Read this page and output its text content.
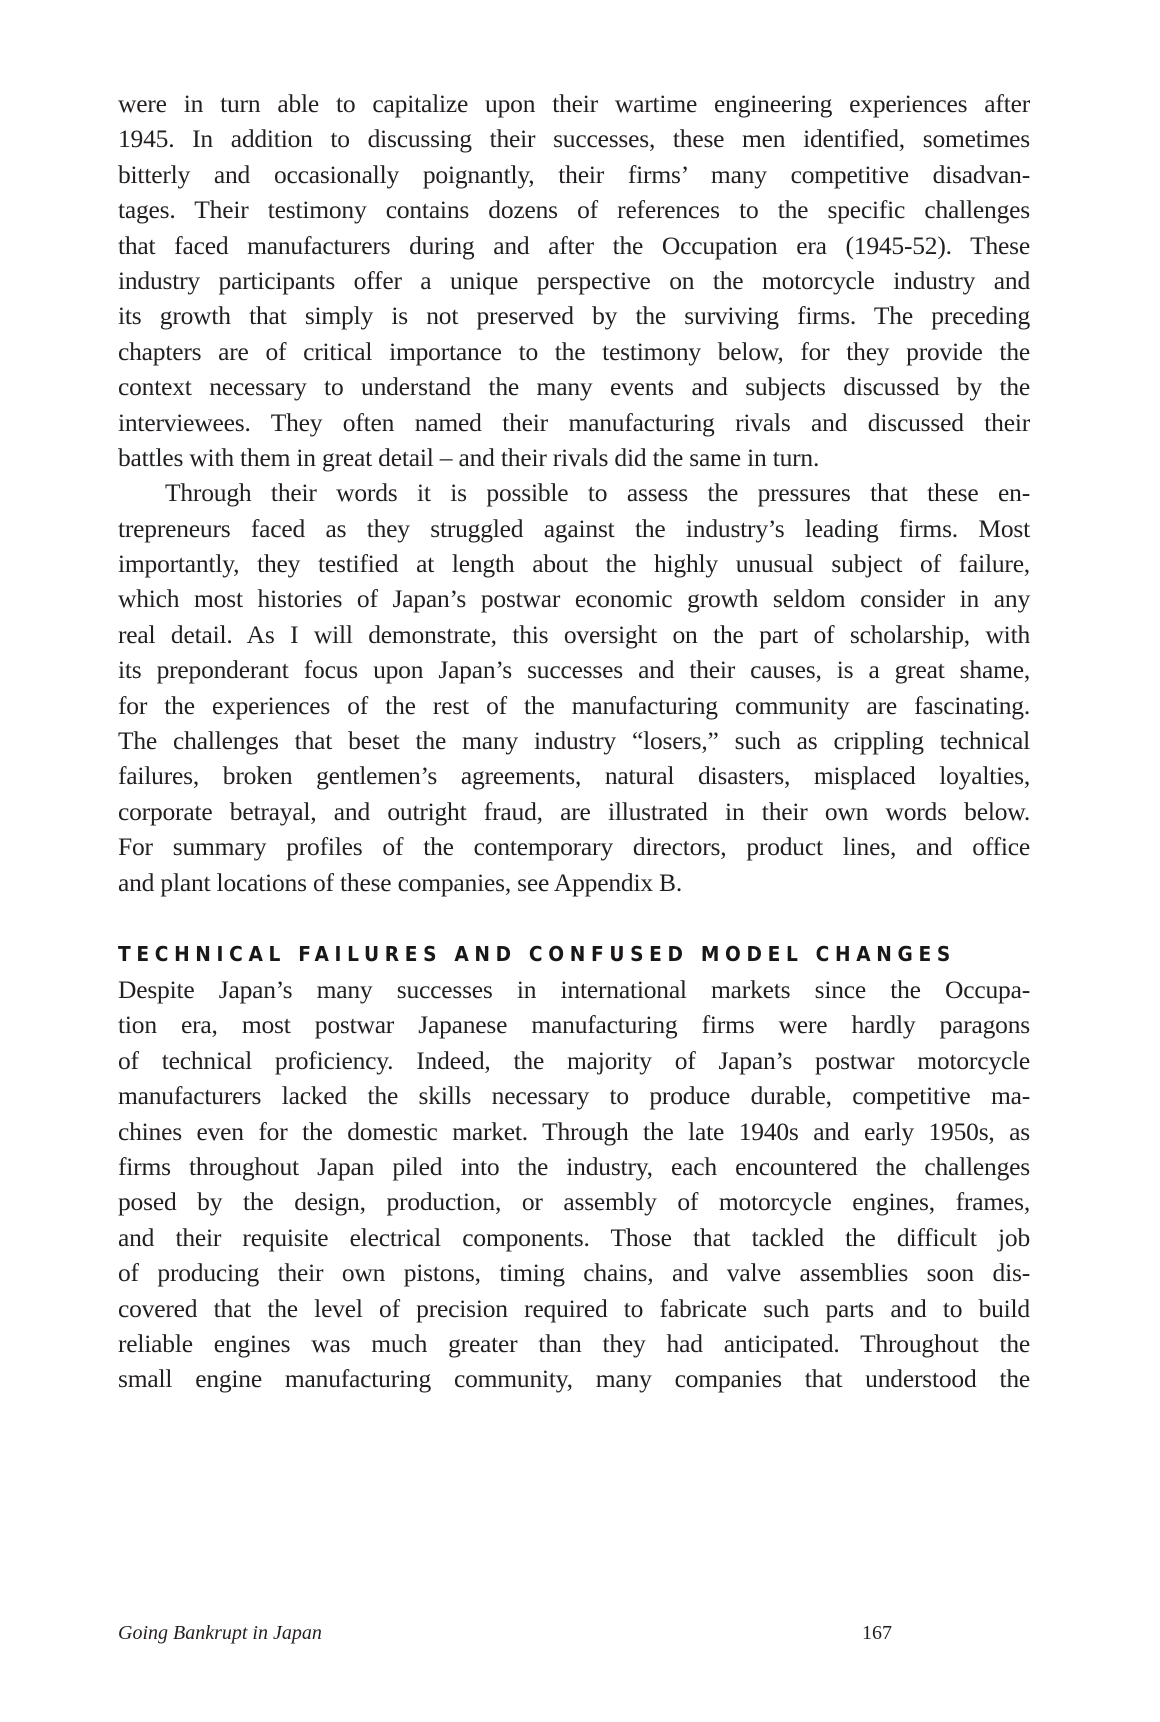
were in turn able to capitalize upon their wartime engineering experiences after
1945. In addition to discussing their successes, these men identified, sometimes
bitterly and occasionally poignantly, their firms’ many competitive disadvan-
tages. Their testimony contains dozens of references to the specific challenges
that faced manufacturers during and after the Occupation era (1945-52). These
industry participants offer a unique perspective on the motorcycle industry and
its growth that simply is not preserved by the surviving firms. The preceding
chapters are of critical importance to the testimony below, for they provide the
context necessary to understand the many events and subjects discussed by the
interviewees. They often named their manufacturing rivals and discussed their
battles with them in great detail – and their rivals did the same in turn.
Through their words it is possible to assess the pressures that these en-
trepreneurs faced as they struggled against the industry’s leading firms. Most
importantly, they testified at length about the highly unusual subject of failure,
which most histories of Japan’s postwar economic growth seldom consider in any
real detail. As I will demonstrate, this oversight on the part of scholarship, with
its preponderant focus upon Japan’s successes and their causes, is a great shame,
for the experiences of the rest of the manufacturing community are fascinating.
The challenges that beset the many industry “losers,” such as crippling technical
failures, broken gentlemen’s agreements, natural disasters, misplaced loyalties,
corporate betrayal, and outright fraud, are illustrated in their own words below.
For summary profiles of the contemporary directors, product lines, and office
and plant locations of these companies, see Appendix B.
TECHNICAL FAILURES AND CONFUSED MODEL CHANGES
Despite Japan’s many successes in international markets since the Occupa-
tion era, most postwar Japanese manufacturing firms were hardly paragons
of technical proficiency. Indeed, the majority of Japan’s postwar motorcycle
manufacturers lacked the skills necessary to produce durable, competitive ma-
chines even for the domestic market. Through the late 1940s and early 1950s, as
firms throughout Japan piled into the industry, each encountered the challenges
posed by the design, production, or assembly of motorcycle engines, frames,
and their requisite electrical components. Those that tackled the difficult job
of producing their own pistons, timing chains, and valve assemblies soon dis-
covered that the level of precision required to fabricate such parts and to build
reliable engines was much greater than they had anticipated. Throughout the
small engine manufacturing community, many companies that understood the
Going Bankrupt in Japan	167
